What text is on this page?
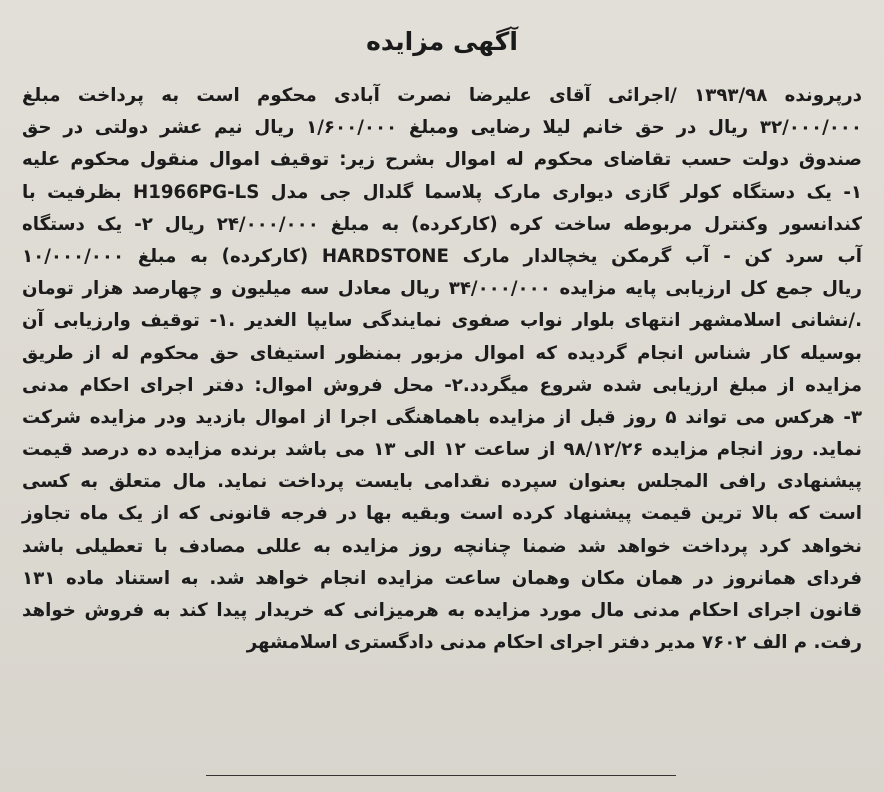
آگهی مزایده
درپرونده ۱۳۹۳/۹۸ /اجرائی آقای علیرضا نصرت آبادی محکوم است به پرداخت مبلغ
۳۲/۰۰۰/۰۰۰ ریال در حق خانم لیلا رضایی ومبلغ ۱/۶۰۰/۰۰۰ ریال نیم عشر دولتی در حق
صندوق دولت حسب تقاضای محکوم له اموال بشرح زیر: توقیف اموال منقول محکوم علیه
۱- یک دستگاه کولر گازی دیواری مارک پلاسما گلدال جی مدل H1966PG-LS بظرفیت با
کندانسور وکنترل مربوطه ساخت کره (کارکرده) به مبلغ ۲۴/۰۰۰/۰۰۰ ریال ۲- یک دستگاه
آب سرد کن - آب گرمکن یخچالدار مارک HARDSTONE (کارکرده) به مبلغ ۱۰/۰۰۰/۰۰۰
ریال جمع کل ارزیابی پایه مزایده ۳۴/۰۰۰/۰۰۰ ریال معادل سه میلیون و چهارصد هزار تومان
./نشانی اسلامشهر انتهای بلوار نواب صفوی نمایندگی سایپا الغدیر .۱- توقیف وارزیابی آن
بوسیله کار شناس انجام گردیده که اموال مزبور بمنظور استیفای حق محکوم له از طریق
مزایده از مبلغ ارزیابی شده شروع میگردد.۲- محل فروش اموال: دفتر اجرای احکام مدنی
۳- هرکس می تواند ۵ روز قبل از مزایده باهماهنگی اجرا از اموال بازدید ودر مزایده شرکت
نماید. روز انجام مزایده ۹۸/۱۲/۲۶ از ساعت ۱۲ الی ۱۳ می باشد برنده مزایده ده درصد قیمت
پیشنهادی رافی المجلس بعنوان سپرده نقدامی بایست پرداخت نماید. مال متعلق به کسی
است که بالا ترین قیمت پیشنهاد کرده است وبقیه بها در فرجه قانونی که از یک ماه تجاوز
نخواهد کرد پرداخت خواهد شد ضمنا چنانچه روز مزایده به عللی مصادف با تعطیلی باشد
فردای همانروز در همان مکان وهمان ساعت مزایده انجام خواهد شد. به استناد ماده ۱۳۱
قانون اجرای احکام مدنی مال مورد مزایده به هرمیزانی که خریدار پیدا کند به فروش خواهد
رفت. م الف ۷۶۰۲ مدیر دفتر اجرای احکام مدنی دادگستری اسلامشهر
